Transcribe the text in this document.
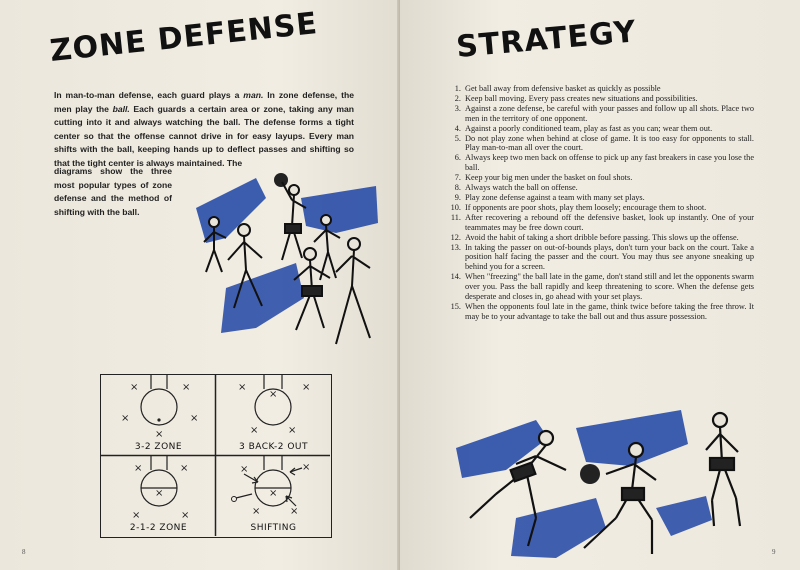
ZONE DEFENSE
In man-to-man defense, each guard plays a man. In zone defense, the men play the ball. Each guards a certain area or zone, taking any man cutting into it and always watching the ball. The defense forms a tight center so that the offense cannot drive in for easy layups. Every man shifts with the ball, keeping hands up to deflect passes and shifting so that the tight center is always maintained. The
diagrams show the three most popular types of zone defense and the method of shifting with the ball.
×	×
×	×
×
3-2 ZONE
×	×
×
×	×
3 BACK-2 OUT
×	×
×
×	×
2-1-2 ZONE
×	×
×
×	×
SHIFTING
8
STRATEGY
1. Get ball away from defensive basket as quickly as possible
2. Keep ball moving. Every pass creates new situations and possibilities.
3. Against a zone defense, be careful with your passes and follow up all shots. Place two men in the territory of one opponent.
4. Against a poorly conditioned team, play as fast as you can; wear them out.
5. Do not play zone when behind at close of game. It is too easy for opponents to stall. Play man-to-man all over the court.
6. Always keep two men back on offense to pick up any fast breakers in case you lose the ball.
7. Keep your big men under the basket on foul shots.
8. Always watch the ball on offense.
9. Play zone defense against a team with many set plays.
10. If opponents are poor shots, play them loosely; encourage them to shoot.
11. After recovering a rebound off the defensive basket, look up instantly. One of your teammates may be free down court.
12. Avoid the habit of taking a short dribble before passing. This slows up the offense.
13. In taking the passer on out-of-bounds plays, don't turn your back on the court. Take a position half facing the passer and the court. You may thus see anyone sneaking up behind you for a screen.
14. When "freezing" the ball late in the game, don't stand still and let the opponents swarm over you. Pass the ball rapidly and keep threatening to score. When the defense gets desperate and closes in, go ahead with your set plays.
15. When the opponents foul late in the game, think twice before taking the free throw. It may be to your advantage to take the ball out and thus assure possession.
9
